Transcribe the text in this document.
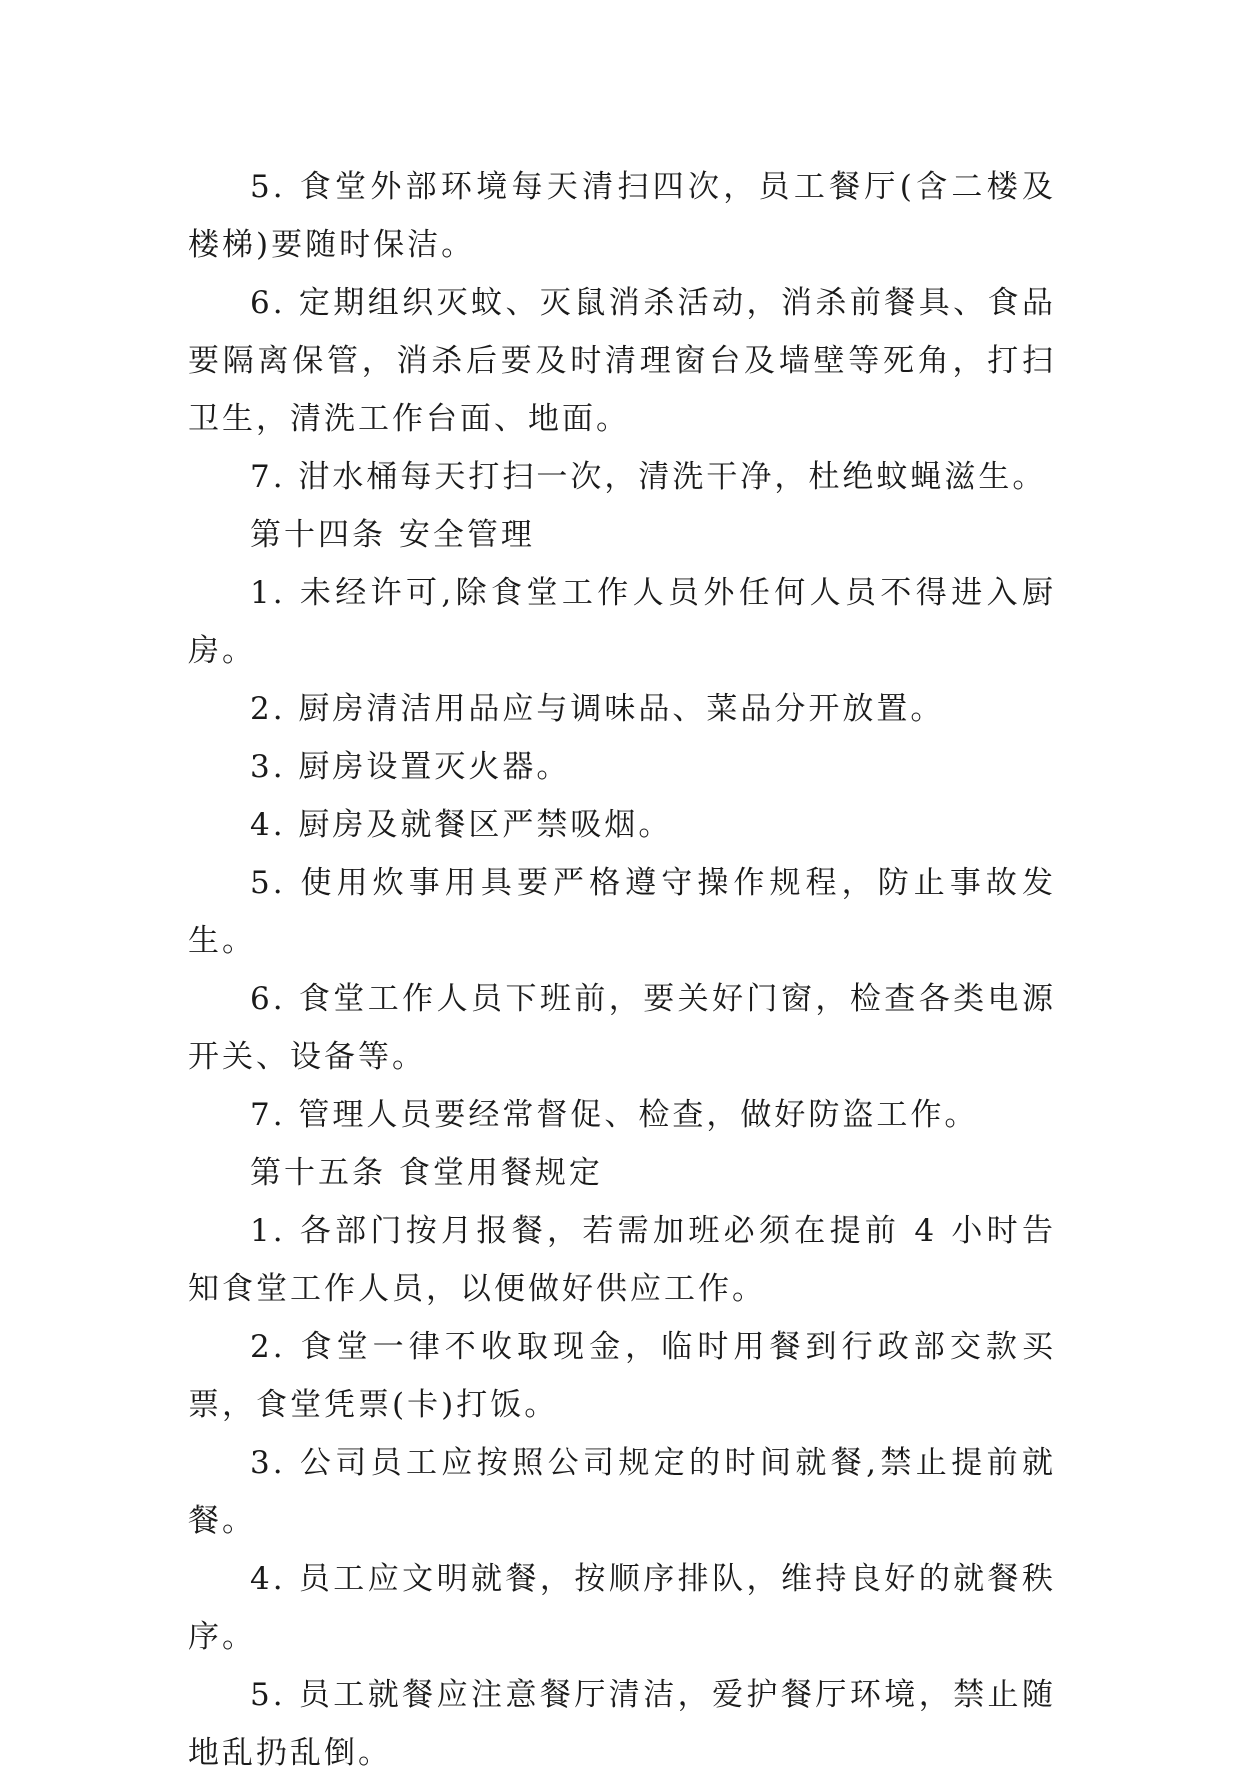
5. 食堂外部环境每天清扫四次，员工餐厅(含二楼及楼梯)要随时保洁。

6. 定期组织灭蚊、灭鼠消杀活动，消杀前餐具、食品要隔离保管，消杀后要及时清理窗台及墙壁等死角，打扫卫生，清洗工作台面、地面。

7. 泔水桶每天打扫一次，清洗干净，杜绝蚊蝇滋生。

第十四条 安全管理

1. 未经许可,除食堂工作人员外任何人员不得进入厨房。

2. 厨房清洁用品应与调味品、菜品分开放置。

3. 厨房设置灭火器。

4. 厨房及就餐区严禁吸烟。

5. 使用炊事用具要严格遵守操作规程，防止事故发生。

6. 食堂工作人员下班前，要关好门窗，检查各类电源开关、设备等。

7. 管理人员要经常督促、检查，做好防盗工作。

第十五条 食堂用餐规定

1. 各部门按月报餐，若需加班必须在提前 4 小时告知食堂工作人员，以便做好供应工作。

2. 食堂一律不收取现金，临时用餐到行政部交款买票，食堂凭票(卡)打饭。

3. 公司员工应按照公司规定的时间就餐,禁止提前就餐。

4. 员工应文明就餐，按顺序排队，维持良好的就餐秩序。

5. 员工就餐应注意餐厅清洁，爱护餐厅环境，禁止随地乱扔乱倒。
